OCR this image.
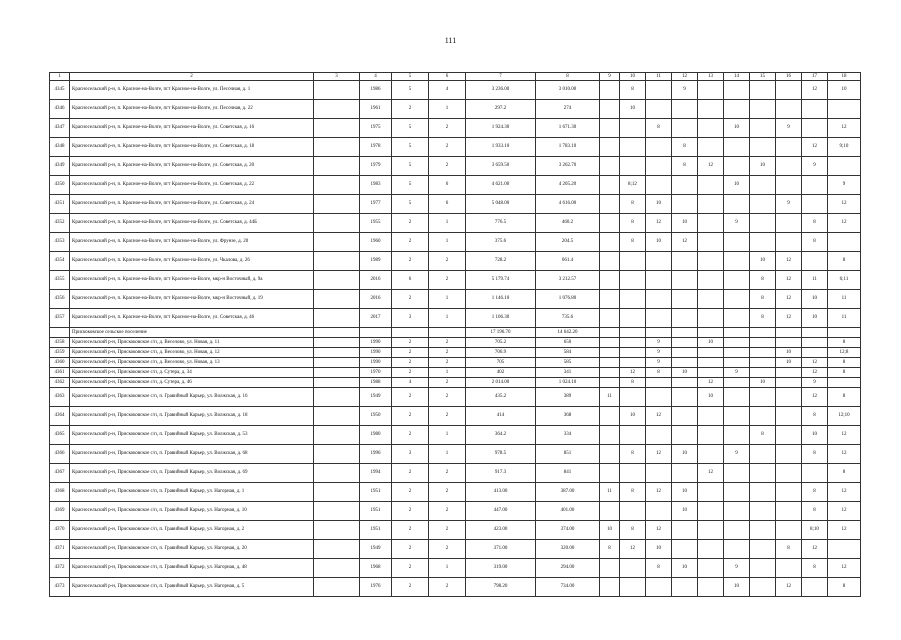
111
1	2	3	4	5	6	7	8	9	10	11	12	13	14	15	16	17	18
4345	Красносельский р-н, п. Красное-на-Волге, пгт Красное-на-Волге, ул. Песочная, д. 1		1986	5	4	3 236.00	3 010.00		8		9					12	10
4346	Красносельский р-н, п. Красное-на-Волге, пгт Красное-на-Волге, ул. Песочная, д. 22		1961	2	1	297.2	274		10								
4347	Красносельский р-н, п. Красное-на-Волге, пгт Красное-на-Волге, ул. Советская, д. 16		1975	5	2	1 924.30	1 671.30			8			10		9		12
4348	Красносельский р-н, п. Красное-на-Волге, пгт Красное-на-Волге, ул. Советская, д. 18		1978	5	2	1 933.10	1 783.10				8					12	9;10
4349	Красносельский р-н, п. Красное-на-Волге, пгт Красное-на-Волге, ул. Советская, д. 20		1979	5	2	3 659.50	3 262.70				8	12		10		9	
4350	Красносельский р-н, п. Красное-на-Волге, пгт Красное-на-Волге, ул. Советская, д. 22		1983	5	6	4 621.00	4 205.20		8;12				10				9
4351	Красносельский р-н, п. Красное-на-Волге, пгт Красное-на-Волге, ул. Советская, д. 24		1977	5	6	5 048.00	4 616.00		8	10					9		12
4352	Красносельский р-н, п. Красное-на-Волге, пгт Красное-на-Волге, ул. Советская, д. 44Б		1955	2	1	776.5	460.2		8	12	10		9			8	12
4353	Красносельский р-н, п. Красное-на-Волге, пгт Красное-на-Волге, ул. Фрунзе, д. 20		1960	2	1	375.6	204.5		8	10	12					8	
4354	Красносельский р-н, п. Красное-на-Волге, пгт Красное-на-Волге, ул. Чкалова, д. 26		1989	2	2	728.2	661.4							10	12		8
4355	Красносельский р-н, п. Красное-на-Волге, пгт Красное-на-Волге, мкр-н Восточный, д. 9а		2016	6	2	5 179.74	3 212.57							8	12	11	6;11
4356	Красносельский р-н, п. Красное-на-Волге, пгт Красное-на-Волге, мкр-н Восточный, д. 19		2016	2	1	1 146.10	1 076.80							8	12	10	11
4357	Красносельский р-н, п. Красное-на-Волге, пгт Красное-на-Волге, ул. Советская, д. 46		2017	3	1	1 106.30	735.6							8	12	10	11
	Прискоковское сельское поселение					17 196.70	14 642.20										
4358	Красносельский р-н, Прискоковское с/п, д. Веселово, ул. Новая, д. 11		1990	2	2	705.2	650			9		10					8
4359	Красносельский р-н, Прискоковское с/п, д. Веселово, ул. Новая, д. 12		1990	2	2	706.9	584			9					10		12;8
4360	Красносельский р-н, Прискоковское с/п, д. Веселово, ул. Новая, д. 13		1990	2	2	705	585			9					10	12	8
4361	Красносельский р-н, Прискоковское с/п, д. Сутера, д. 34		1970	2	1	402	341		12	8	10		9			12	8
4362	Красносельский р-н, Прискоковское с/п, д. Сутера, д. 46		1988	4	2	2 014.00	1 024.10		8			12		10		9	
4363	Красносельский р-н, Прискоковское с/п, п. Гравийный Карьер, ул. Волжская, д. 16		1949	2	2	435.2	389	11				10				12	8
4364	Красносельский р-н, Прискоковское с/п, п. Гравийный Карьер, ул. Волжская, д. 18		1950	2	2	414	368		10	12						8	12;10
4365	Красносельский р-н, Прискоковское с/п, п. Гравийный Карьер, ул. Волжская, д. 53		1980	2	1	364.2	334							8		10	12
4366	Красносельский р-н, Прискоковское с/п, п. Гравийный Карьер, ул. Волжская, д. 68		1996	3	1	978.5	851		8	12	10		9			8	12
4367	Красносельский р-н, Прискоковское с/п, п. Гравийный Карьер, ул. Волжская, д. 69		1994	2	2	917.3	841					12					8
4368	Красносельский р-н, Прискоковское с/п, п. Гравийный Карьер, ул. Нагорная, д. 1		1951	2	2	413.00	387.00	11	8	12	10					8	12
4369	Красносельский р-н, Прискоковское с/п, п. Гравийный Карьер, ул. Нагорная, д. 10		1951	2	2	447.00	401.00				10					8	12
4370	Красносельский р-н, Прискоковское с/п, п. Гравийный Карьер, ул. Нагорная, д. 2		1951	2	2	423.00	374.00	10	8	12						8;10	12
4371	Красносельский р-н, Прискоковское с/п, п. Гравийный Карьер, ул. Нагорная, д. 20		1949	2	2	371.00	320.00	8	12	10					8	12	
4372	Красносельский р-н, Прискоковское с/п, п. Гравийный Карьер, ул. Нагорная, д. 48		1968	2	1	319.00	294.00			8	10		9			8	12
4373	Красносельский р-н, Прискоковское с/п, п. Гравийный Карьер, ул. Нагорная, д. 5		1976	2	2	798.20	734.00						10		12		8
